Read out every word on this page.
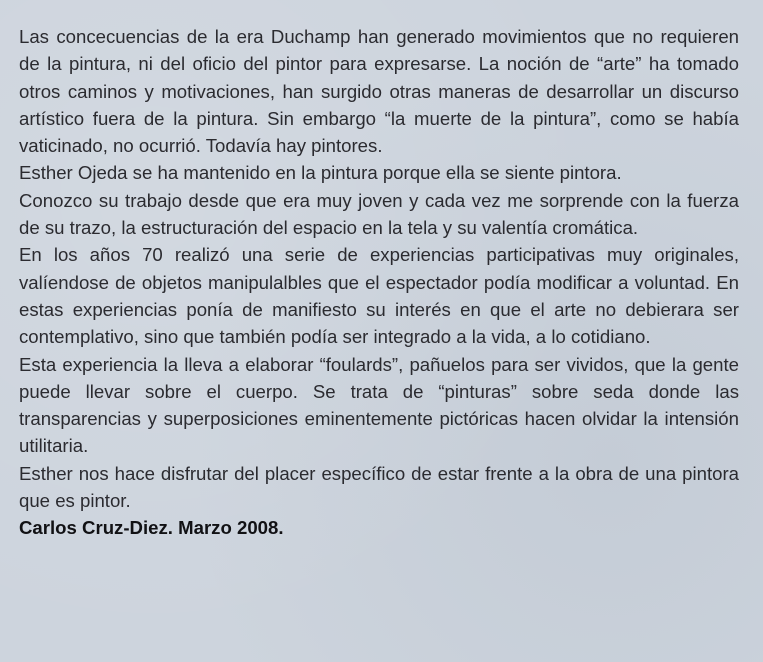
Las concecuencias de la era Duchamp han generado movimientos que no requieren de la pintura, ni del oficio del pintor para expresarse. La noción de “arte” ha tomado otros caminos y motivaciones, han surgido otras maneras de desarrollar un discurso artístico fuera de la pintura. Sin embargo “la muerte de la pintura”, como se había vaticinado, no ocurrió. Todavía hay pintores.

Esther Ojeda se ha mantenido en la pintura porque ella se siente pintora.

Conozco su trabajo desde que era muy joven y cada vez me sorprende con la fuerza de su trazo, la estructuración del espacio en la tela y su valentía cromática.

En los años 70 realizó una serie de experiencias participativas muy originales, valíendose de objetos manipulalbles que el espectador podía modificar a voluntad. En estas experiencias ponía de manifiesto su interés en que el arte no debierara ser contemplativo, sino que también podía ser integrado a la vida, a lo cotidiano.

Esta experiencia la lleva a elaborar “foulards”, pañuelos para ser vividos, que la gente puede llevar sobre el cuerpo. Se trata de “pinturas” sobre seda donde las transparencias y superposiciones eminentemente pictóricas hacen olvidar la intensión utilitaria.

Esther nos hace disfrutar del placer específico de estar frente a la obra de una pintora que es pintor.

Carlos Cruz-Diez. Marzo 2008.
